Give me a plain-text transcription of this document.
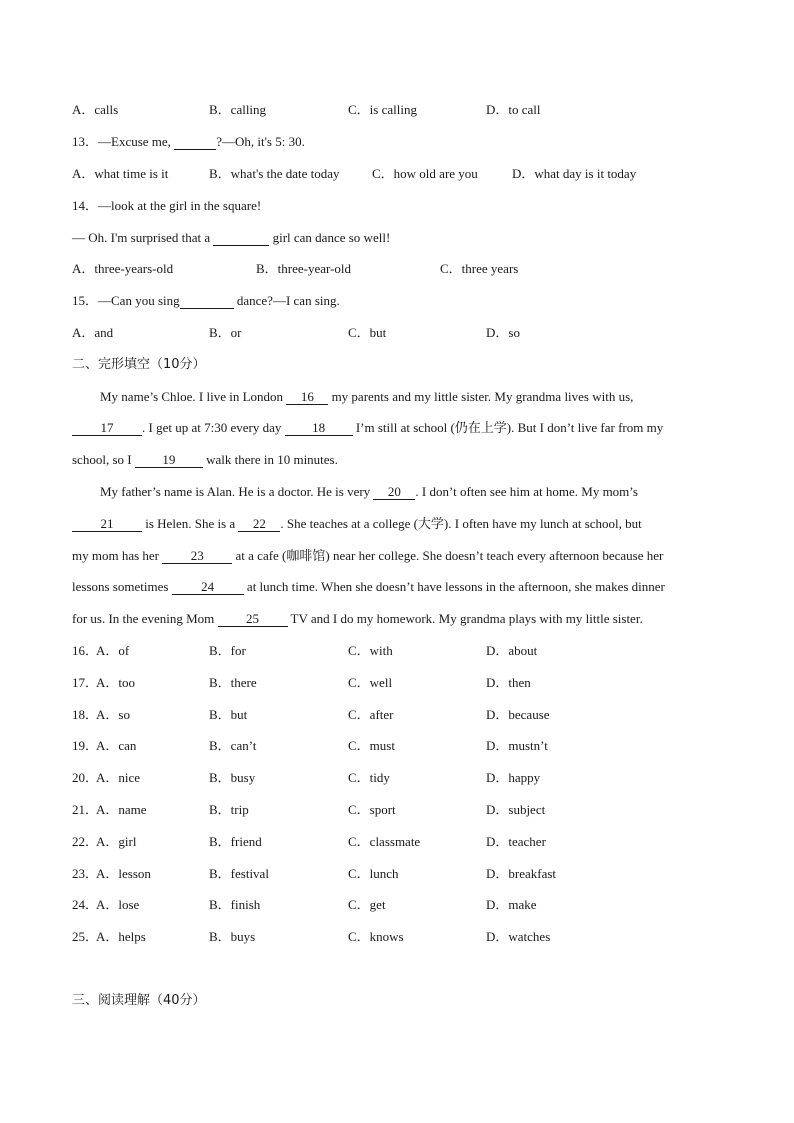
A．calls	B．calling	C．is calling	D．to call
13．—Excuse me,	?—Oh, it's 5: 30.
A．what time is it	B．what's the date today C．how old are you	D．what day is it today
14．—look at the girl in the square!
— Oh. I'm surprised that a	girl can dance so well!
A．three-years-old	B．three-year-old	C．three years
15．—Can you sing	dance?—I can sing.
A．and	B．or	C．but	D．so
二、完形填空（10分）
My name’s Chloe. I live in London 16 my parents and my little sister. My grandma lives with us,
17 . I get up at 7:30 every day 18 I’m still at school (仍在上学). But I don’t live far from my
school, so I 19 walk there in 10 minutes.
My father’s name is Alan. He is a doctor. He is very 20 . I don’t often see him at home. My mom’s
21 is Helen. She is a 22 . She teaches at a college (大学). I often have my lunch at school, but
my mom has her 23 at a cafe (咖啡馆) near her college. She doesn’t teach every afternoon because her
lessons sometimes 24 at lunch time. When she doesn’t have lessons in the afternoon, she makes dinner
for us. In the evening Mom 25 TV and I do my homework. My grandma plays with my little sister.
16．
A．of	B．for	C．with	D．about
17．
A．too	B．there	C．well	D．then
18．
A．so	B．but	C．after	D．because
19．
A．can	B．can’t	C．must	D．mustn’t
20．
A．nice	B．busy	C．tidy	D．happy
21．
A．name	B．trip	C．sport	D．subject
22．
A．girl	B．friend	C．classmate	D．teacher
23．
A．lesson	B．festival	C．lunch	D．breakfast
24．
A．lose	B．finish	C．get	D．make
25．
A．helps	B．buys	C．knows	D．watches
三、阅读理解（40分）
